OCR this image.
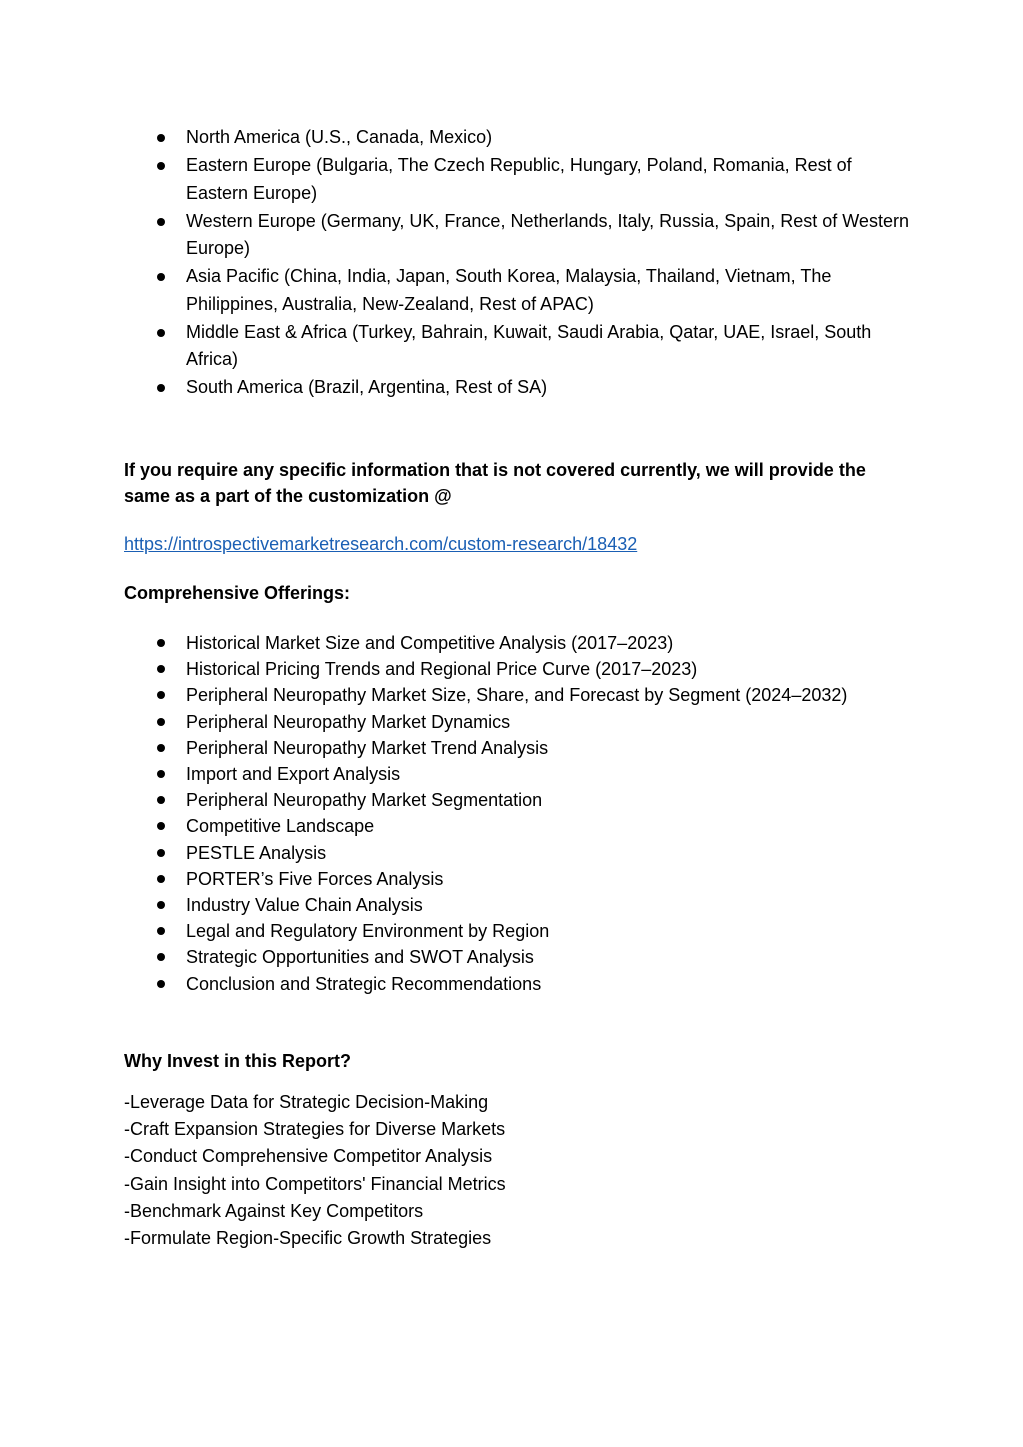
North America (U.S., Canada, Mexico)
Eastern Europe (Bulgaria, The Czech Republic, Hungary, Poland, Romania, Rest of Eastern Europe)
Western Europe (Germany, UK, France, Netherlands, Italy, Russia, Spain, Rest of Western Europe)
Asia Pacific (China, India, Japan, South Korea, Malaysia, Thailand, Vietnam, The Philippines, Australia, New-Zealand, Rest of APAC)
Middle East & Africa (Turkey, Bahrain, Kuwait, Saudi Arabia, Qatar, UAE, Israel, South Africa)
South America (Brazil, Argentina, Rest of SA)

If you require any specific information that is not covered currently, we will provide the same as a part of the customization @

https://introspectivemarketresearch.com/custom-research/18432

Comprehensive Offerings:

Historical Market Size and Competitive Analysis (2017–2023)
Historical Pricing Trends and Regional Price Curve (2017–2023)
Peripheral Neuropathy Market Size, Share, and Forecast by Segment (2024–2032)
Peripheral Neuropathy Market Dynamics
Peripheral Neuropathy Market Trend Analysis
Import and Export Analysis
Peripheral Neuropathy Market Segmentation
Competitive Landscape
PESTLE Analysis
PORTER’s Five Forces Analysis
Industry Value Chain Analysis
Legal and Regulatory Environment by Region
Strategic Opportunities and SWOT Analysis
Conclusion and Strategic Recommendations

Why Invest in this Report?

-Leverage Data for Strategic Decision-Making
-Craft Expansion Strategies for Diverse Markets
-Conduct Comprehensive Competitor Analysis
-Gain Insight into Competitors' Financial Metrics
-Benchmark Against Key Competitors
-Formulate Region-Specific Growth Strategies
